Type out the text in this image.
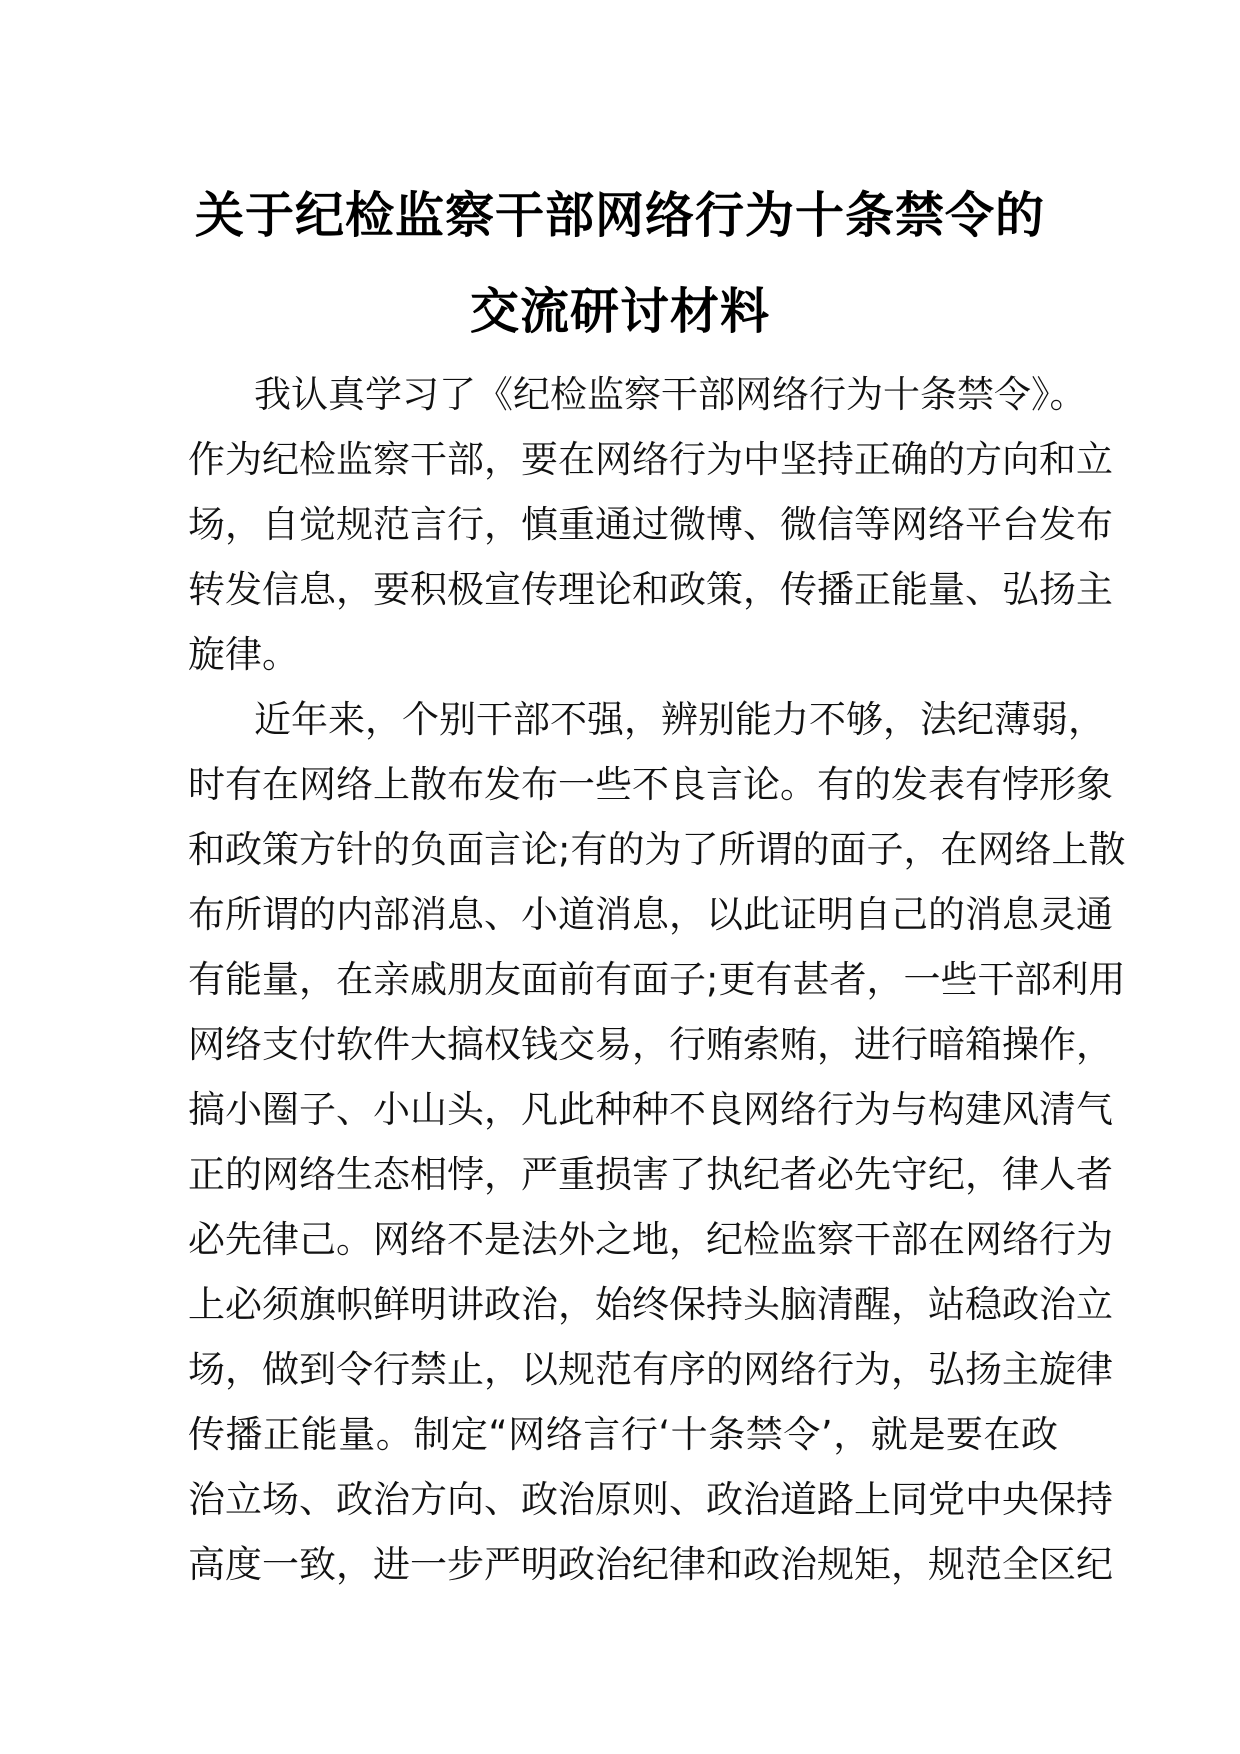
关于纪检监察干部网络行为十条禁令的
交流研讨材料
我认真学习了《纪检监察干部网络行为十条禁令》。
作为纪检监察干部，要在网络行为中坚持正确的方向和立
场，自觉规范言行，慎重通过微博、微信等网络平台发布
转发信息，要积极宣传理论和政策，传播正能量、弘扬主
旋律。
近年来，个别干部不强，辨别能力不够，法纪薄弱，
时有在网络上散布发布一些不良言论。有的发表有悖形象
和政策方针的负面言论;有的为了所谓的面子，在网络上散
布所谓的内部消息、小道消息，以此证明自己的消息灵通
有能量，在亲戚朋友面前有面子;更有甚者，一些干部利用
网络支付软件大搞权钱交易，行贿索贿，进行暗箱操作，
搞小圈子、小山头，凡此种种不良网络行为与构建风清气
正的网络生态相悖，严重损害了执纪者必先守纪，律人者
必先律己。网络不是法外之地，纪检监察干部在网络行为
上必须旗帜鲜明讲政治，始终保持头脑清醒，站稳政治立
场，做到令行禁止，以规范有序的网络行为，弘扬主旋律
传播正能量。制定“网络言行‘十条禁令’，就是要在政
治立场、政治方向、政治原则、政治道路上同党中央保持
高度一致，进一步严明政治纪律和政治规矩，规范全区纪
